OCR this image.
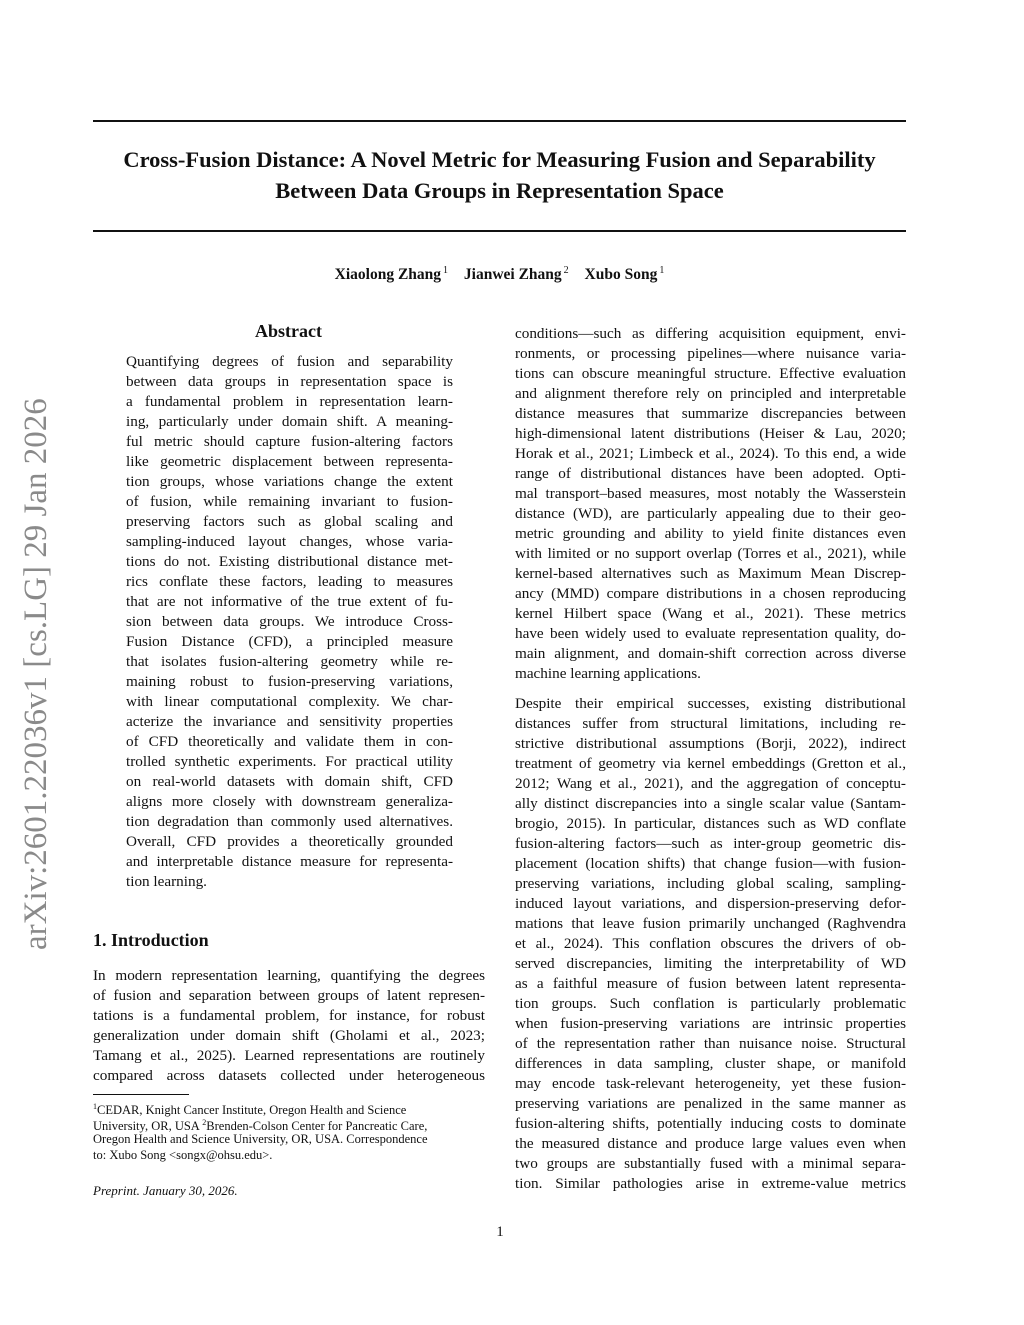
Cross-Fusion Distance: A Novel Metric for Measuring Fusion and Separability
Between Data Groups in Representation Space
Xiaolong Zhang $^1$ Jianwei Zhang $^2$ Xubo Song $^1$
arXiv:2601.22036v1 [cs.LG] 29 Jan 2026
Abstract
Quantifying degrees of fusion and separability
between data groups in representation space is
a fundamental problem in representation learn-
ing, particularly under domain shift. A meaning-
ful metric should capture fusion-altering factors
like geometric displacement between representa-
tion groups, whose variations change the extent
of fusion, while remaining invariant to fusion-
preserving factors such as global scaling and
sampling-induced layout changes, whose varia-
tions do not. Existing distributional distance met-
rics conflate these factors, leading to measures
that are not informative of the true extent of fu-
sion between data groups. We introduce Cross-
Fusion Distance (CFD), a principled measure
that isolates fusion-altering geometry while re-
maining robust to fusion-preserving variations,
with linear computational complexity. We char-
acterize the invariance and sensitivity properties
of CFD theoretically and validate them in con-
trolled synthetic experiments. For practical utility
on real-world datasets with domain shift, CFD
aligns more closely with downstream generaliza-
tion degradation than commonly used alternatives.
Overall, CFD provides a theoretically grounded
and interpretable distance measure for representa-
tion learning.
1. Introduction
In modern representation learning, quantifying the degrees
of fusion and separation between groups of latent represen-
tations is a fundamental problem, for instance, for robust
generalization under domain shift (Gholami et al., 2023;
Tamang et al., 2025). Learned representations are routinely
compared across datasets collected under heterogeneous
conditions—such as differing acquisition equipment, envi-
ronments, or processing pipelines—where nuisance varia-
tions can obscure meaningful structure. Effective evaluation
and alignment therefore rely on principled and interpretable
distance measures that summarize discrepancies between
high-dimensional latent distributions (Heiser & Lau, 2020;
Horak et al., 2021; Limbeck et al., 2024). To this end, a wide
range of distributional distances have been adopted. Opti-
mal transport–based measures, most notably the Wasserstein
distance (WD), are particularly appealing due to their geo-
metric grounding and ability to yield finite distances even
with limited or no support overlap (Torres et al., 2021), while
kernel-based alternatives such as Maximum Mean Discrep-
ancy (MMD) compare distributions in a chosen reproducing
kernel Hilbert space (Wang et al., 2021). These metrics
have been widely used to evaluate representation quality, do-
main alignment, and domain-shift correction across diverse
machine learning applications.
Despite their empirical successes, existing distributional
distances suffer from structural limitations, including re-
strictive distributional assumptions (Borji, 2022), indirect
treatment of geometry via kernel embeddings (Gretton et al.,
2012; Wang et al., 2021), and the aggregation of conceptu-
ally distinct discrepancies into a single scalar value (Santam-
brogio, 2015). In particular, distances such as WD conflate
fusion-altering factors—such as inter-group geometric dis-
placement (location shifts) that change fusion—with fusion-
preserving variations, including global scaling, sampling-
induced layout variations, and dispersion-preserving defor-
mations that leave fusion primarily unchanged (Raghvendra
et al., 2024). This conflation obscures the drivers of ob-
served discrepancies, limiting the interpretability of WD
as a faithful measure of fusion between latent representa-
tion groups. Such conflation is particularly problematic
when fusion-preserving variations are intrinsic properties
of the representation rather than nuisance noise. Structural
differences in data sampling, cluster shape, or manifold
may encode task-relevant heterogeneity, yet these fusion-
preserving variations are penalized in the same manner as
fusion-altering shifts, potentially inducing costs to dominate
the measured distance and produce large values even when
two groups are substantially fused with a minimal separa-
tion. Similar pathologies arise in extreme-value metrics
$^1$CEDAR, Knight Cancer Institute, Oregon Health and Science
University, OR, USA $^2$Brenden-Colson Center for Pancreatic Care,
Oregon Health and Science University, OR, USA. Correspondence
to: Xubo Song <songx@ohsu.edu>.
Preprint. January 30, 2026.
1
